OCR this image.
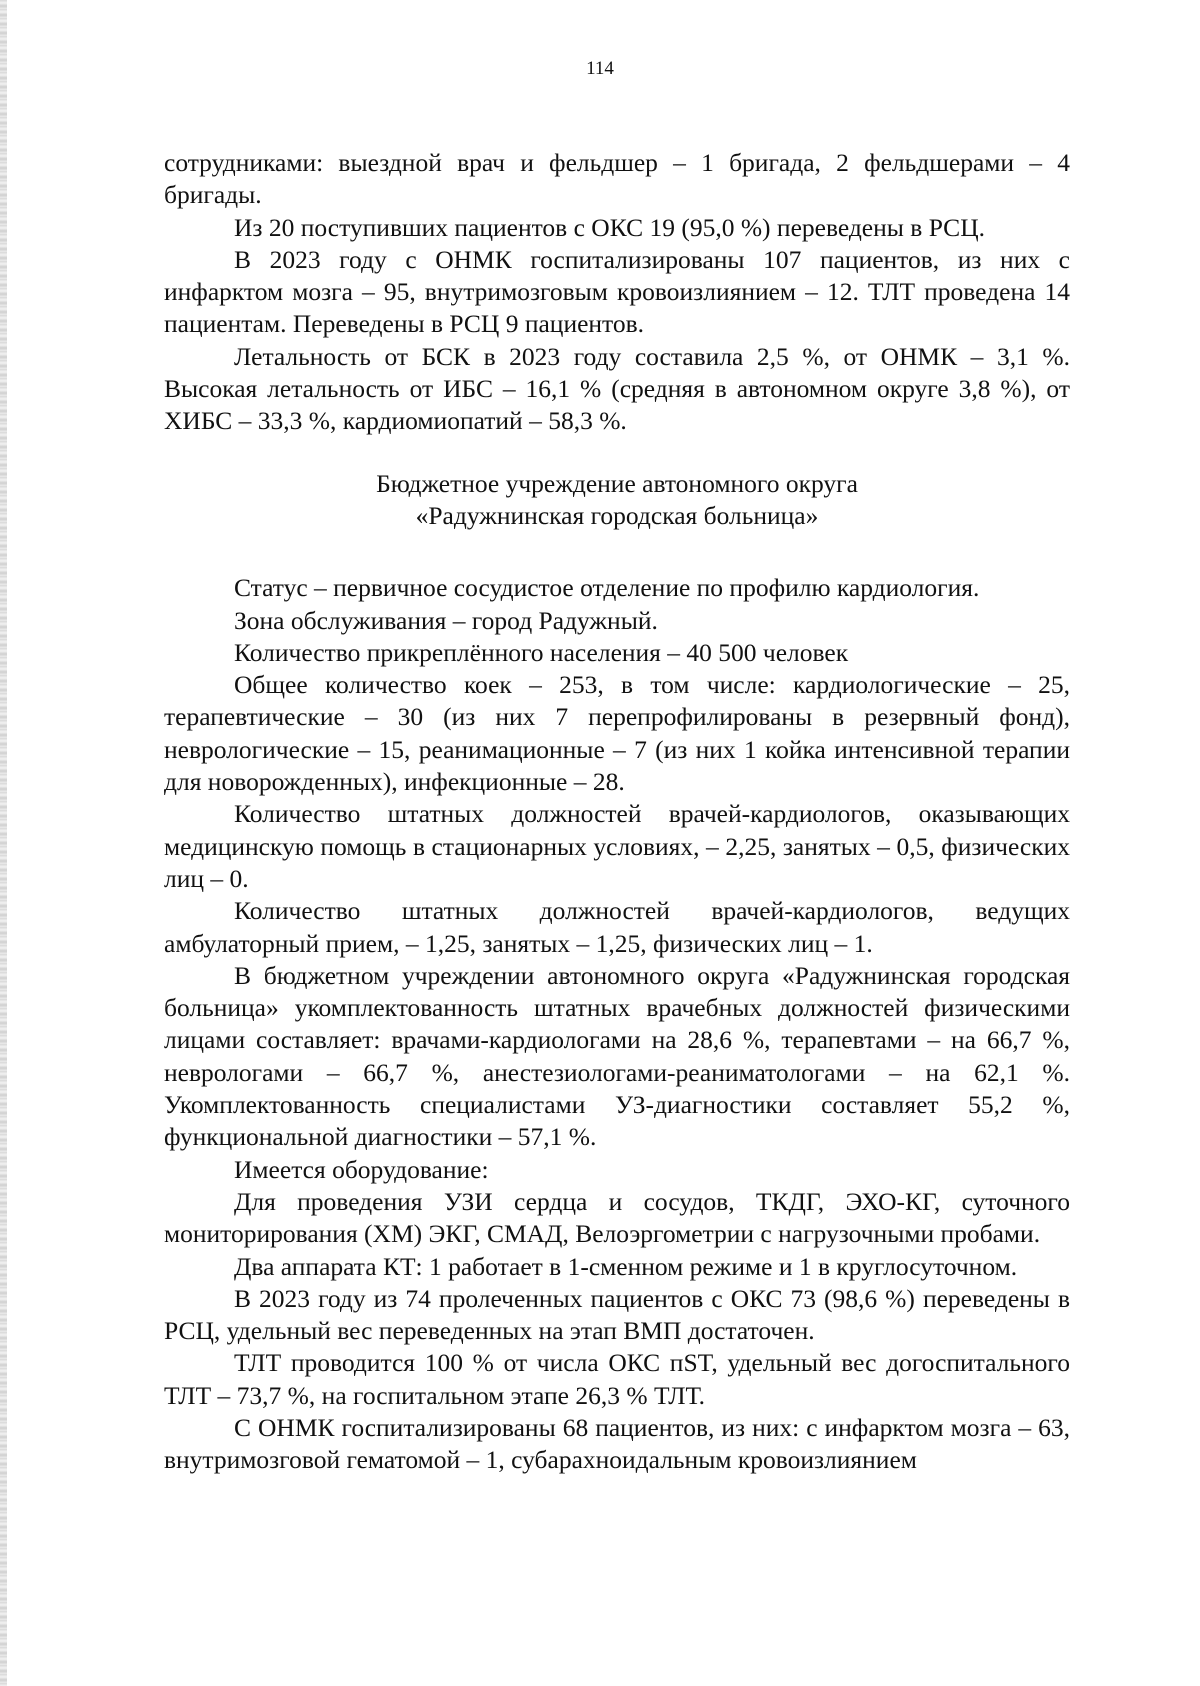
114

сотрудниками: выездной врач и фельдшер – 1 бригада, 2 фельдшерами – 4 бригады.

Из 20 поступивших пациентов с ОКС 19 (95,0 %) переведены в РСЦ.

В 2023 году с ОНМК госпитализированы 107 пациентов, из них с инфарктом мозга – 95, внутримозговым кровоизлиянием – 12. ТЛТ проведена 14 пациентам. Переведены в РСЦ 9 пациентов.

Летальность от БСК в 2023 году составила 2,5 %, от ОНМК – 3,1 %. Высокая летальность от ИБС – 16,1 % (средняя в автономном округе 3,8 %), от ХИБС – 33,3 %, кардиомиопатий – 58,3 %.

Бюджетное учреждение автономного округа

«Радужнинская городская больница»

Статус – первичное сосудистое отделение по профилю кардиология.

Зона обслуживания – город Радужный.

Количество прикреплённого населения – 40 500 человек

Общее количество коек – 253, в том числе: кардиологические – 25, терапевтические – 30 (из них 7 перепрофилированы в резервный фонд), неврологические – 15, реанимационные – 7 (из них 1 койка интенсивной терапии для новорожденных), инфекционные – 28.

Количество штатных должностей врачей-кардиологов, оказывающих медицинскую помощь в стационарных условиях, – 2,25, занятых – 0,5, физических лиц – 0.

Количество штатных должностей врачей-кардиологов, ведущих амбулаторный прием, – 1,25, занятых – 1,25, физических лиц – 1.

В бюджетном учреждении автономного округа «Радужнинская городская больница» укомплектованность штатных врачебных должностей физическими лицами составляет: врачами-кардиологами на 28,6 %, терапевтами – на 66,7 %, неврологами – 66,7 %, анестезиологами-реаниматологами – на 62,1 %. Укомплектованность специалистами УЗ-диагностики составляет 55,2 %, функциональной диагностики – 57,1 %.

Имеется оборудование:

Для проведения УЗИ сердца и сосудов, ТКДГ, ЭХО-КГ, суточного мониторирования (ХМ) ЭКГ, СМАД, Велоэргометрии с нагрузочными пробами.

Два аппарата КТ: 1 работает в 1-сменном режиме и 1 в круглосуточном.

В 2023 году из 74 пролеченных пациентов с ОКС 73 (98,6 %) переведены в РСЦ, удельный вес переведенных на этап ВМП достаточен.

ТЛТ проводится 100 % от числа ОКС пST, удельный вес догоспитального ТЛТ – 73,7 %, на госпитальном этапе 26,3 % ТЛТ.

С ОНМК госпитализированы 68 пациентов, из них: с инфарктом мозга – 63, внутримозговой гематомой – 1, субарахноидальным кровоизлиянием
